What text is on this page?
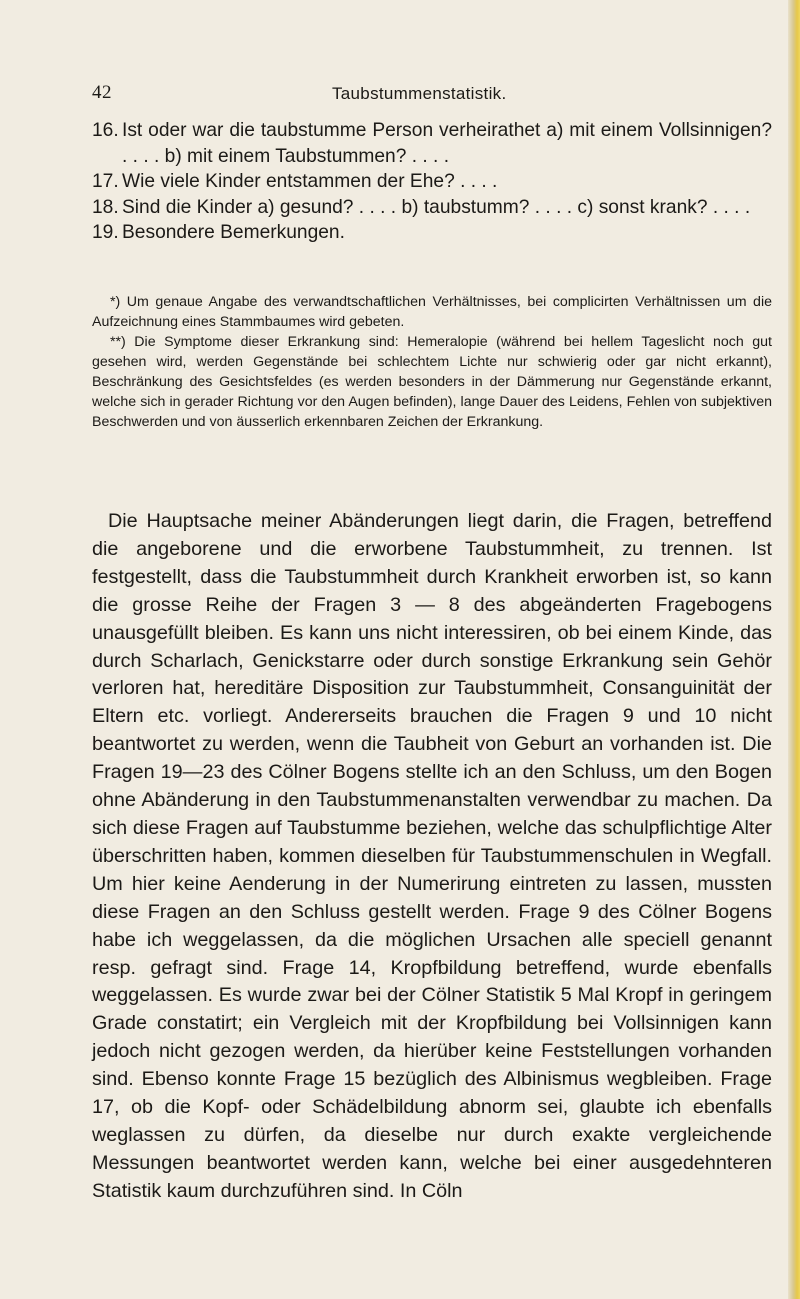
42	Taubstummenstatistik.
16. Ist oder war die taubstumme Person verheirathet a) mit einem Vollsinnigen? . . . . b) mit einem Taubstummen? . . . .
17. Wie viele Kinder entstammen der Ehe? . . . .
18. Sind die Kinder a) gesund? . . . . b) taubstumm? . . . . c) sonst krank? . . . .
19. Besondere Bemerkungen.

*) Um genaue Angabe des verwandtschaftlichen Verhältnisses, bei complicirten Verhältnissen um die Aufzeichnung eines Stammbaumes wird gebeten.

**) Die Symptome dieser Erkrankung sind: Hemeralopie (während bei hellem Tageslicht noch gut gesehen wird, werden Gegenstände bei schlechtem Lichte nur schwierig oder gar nicht erkannt), Beschränkung des Gesichtsfeldes (es werden besonders in der Dämmerung nur Gegenstände erkannt, welche sich in gerader Richtung vor den Augen befinden), lange Dauer des Leidens, Fehlen von subjektiven Beschwerden und von äusserlich erkennbaren Zeichen der Erkrankung.

Die Hauptsache meiner Abänderungen liegt darin, die Fragen, betreffend die angeborene und die erworbene Taubstummheit, zu trennen. Ist festgestellt, dass die Taubstummheit durch Krankheit erworben ist, so kann die grosse Reihe der Fragen 3 — 8 des abgeänderten Fragebogens unausgefüllt bleiben. Es kann uns nicht interessiren, ob bei einem Kinde, das durch Scharlach, Genickstarre oder durch sonstige Erkrankung sein Gehör verloren hat, hereditäre Disposition zur Taubstummheit, Consanguinität der Eltern etc. vorliegt. Andererseits brauchen die Fragen 9 und 10 nicht beantwortet zu werden, wenn die Taubheit von Geburt an vorhanden ist. Die Fragen 19—23 des Cölner Bogens stellte ich an den Schluss, um den Bogen ohne Abänderung in den Taubstummenanstalten verwendbar zu machen. Da sich diese Fragen auf Taubstumme beziehen, welche das schulpflichtige Alter überschritten haben, kommen dieselben für Taubstummenschulen in Wegfall. Um hier keine Aenderung in der Numerirung eintreten zu lassen, mussten diese Fragen an den Schluss gestellt werden. Frage 9 des Cölner Bogens habe ich weggelassen, da die möglichen Ursachen alle speciell genannt resp. gefragt sind. Frage 14, Kropfbildung betreffend, wurde ebenfalls weggelassen. Es wurde zwar bei der Cölner Statistik 5 Mal Kropf in geringem Grade constatirt; ein Vergleich mit der Kropfbildung bei Vollsinnigen kann jedoch nicht gezogen werden, da hierüber keine Feststellungen vorhanden sind. Ebenso konnte Frage 15 bezüglich des Albinismus wegbleiben. Frage 17, ob die Kopf- oder Schädelbildung abnorm sei, glaubte ich ebenfalls weglassen zu dürfen, da dieselbe nur durch exakte vergleichende Messungen beantwortet werden kann, welche bei einer ausgedehnteren Statistik kaum durchzuführen sind. In Cöln
